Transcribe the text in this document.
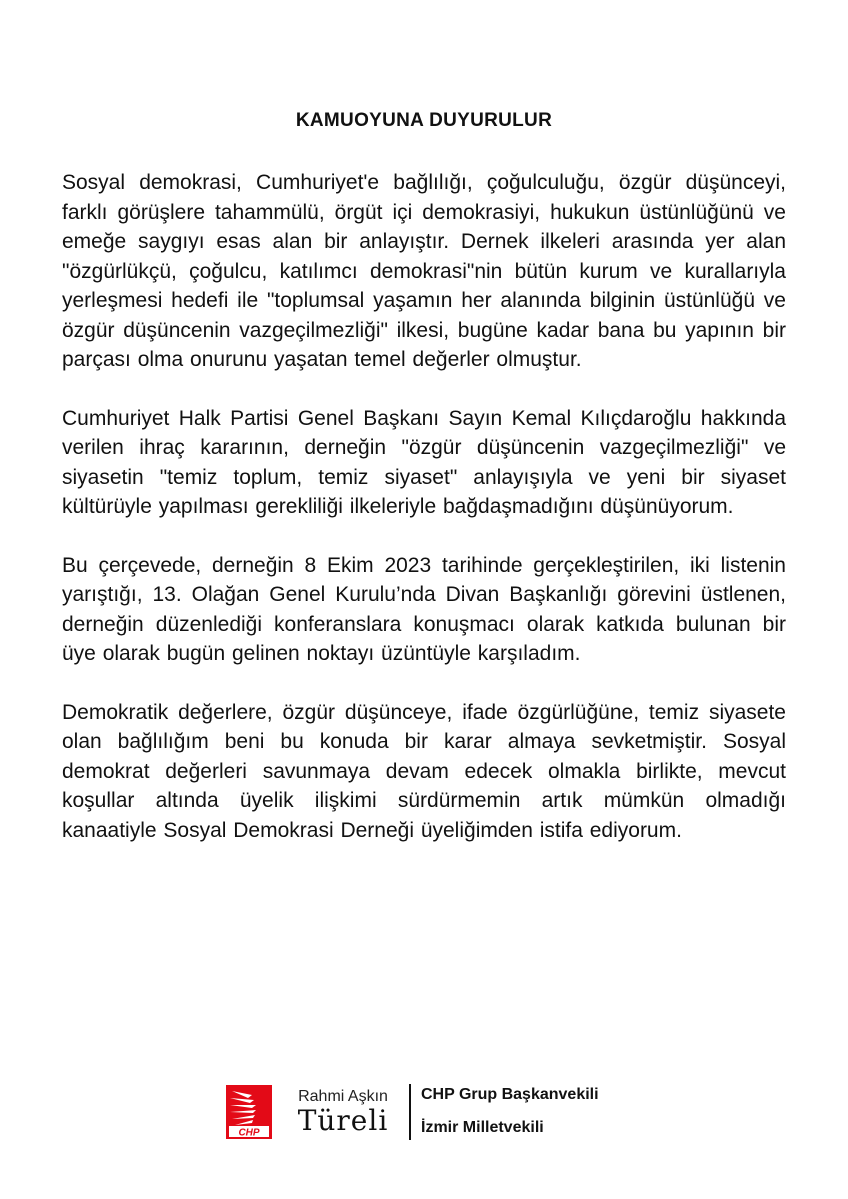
KAMUOYUNA DUYURULUR

Sosyal demokrasi, Cumhuriyet'e bağlılığı, çoğulculuğu, özgür düşünceyi, farklı görüşlere tahammülü, örgüt içi demokrasiyi, hukukun üstünlüğünü ve emeğe saygıyı esas alan bir anlayıştır. Dernek ilkeleri arasında yer alan "özgürlükçü, çoğulcu, katılımcı demokrasi"nin bütün kurum ve kurallarıyla yerleşmesi hedefi ile "toplumsal yaşamın her alanında bilginin üstünlüğü ve özgür düşüncenin vazgeçilmezliği" ilkesi, bugüne kadar bana bu yapının bir parçası olma onurunu yaşatan temel değerler olmuştur.

Cumhuriyet Halk Partisi Genel Başkanı Sayın Kemal Kılıçdaroğlu hakkında verilen ihraç kararının, derneğin "özgür düşüncenin vazgeçilmezliği" ve siyasetin "temiz toplum, temiz siyaset" anlayışıyla ve yeni bir siyaset kültürüyle yapılması gerekliliği ilkeleriyle bağdaşmadığını düşünüyorum.

Bu çerçevede, derneğin 8 Ekim 2023 tarihinde gerçekleştirilen, iki listenin yarıştığı, 13. Olağan Genel Kurulu’nda Divan Başkanlığı görevini üstlenen, derneğin düzenlediği konferanslara konuşmacı olarak katkıda bulunan bir üye olarak bugün gelinen noktayı üzüntüyle karşıladım.

Demokratik değerlere, özgür düşünceye, ifade özgürlüğüne, temiz siyasete olan bağlılığım beni bu konuda bir karar almaya sevketmiştir. Sosyal demokrat değerleri savunmaya devam edecek olmakla birlikte, mevcut koşullar altında üyelik ilişkimi sürdürmemin artık mümkün olmadığı kanaatiyle Sosyal Demokrasi Derneği üyeliğimden istifa ediyorum.

CHP
Rahmi Aşkın
Türeli
CHP Grup Başkanvekili
İzmir Milletvekili
